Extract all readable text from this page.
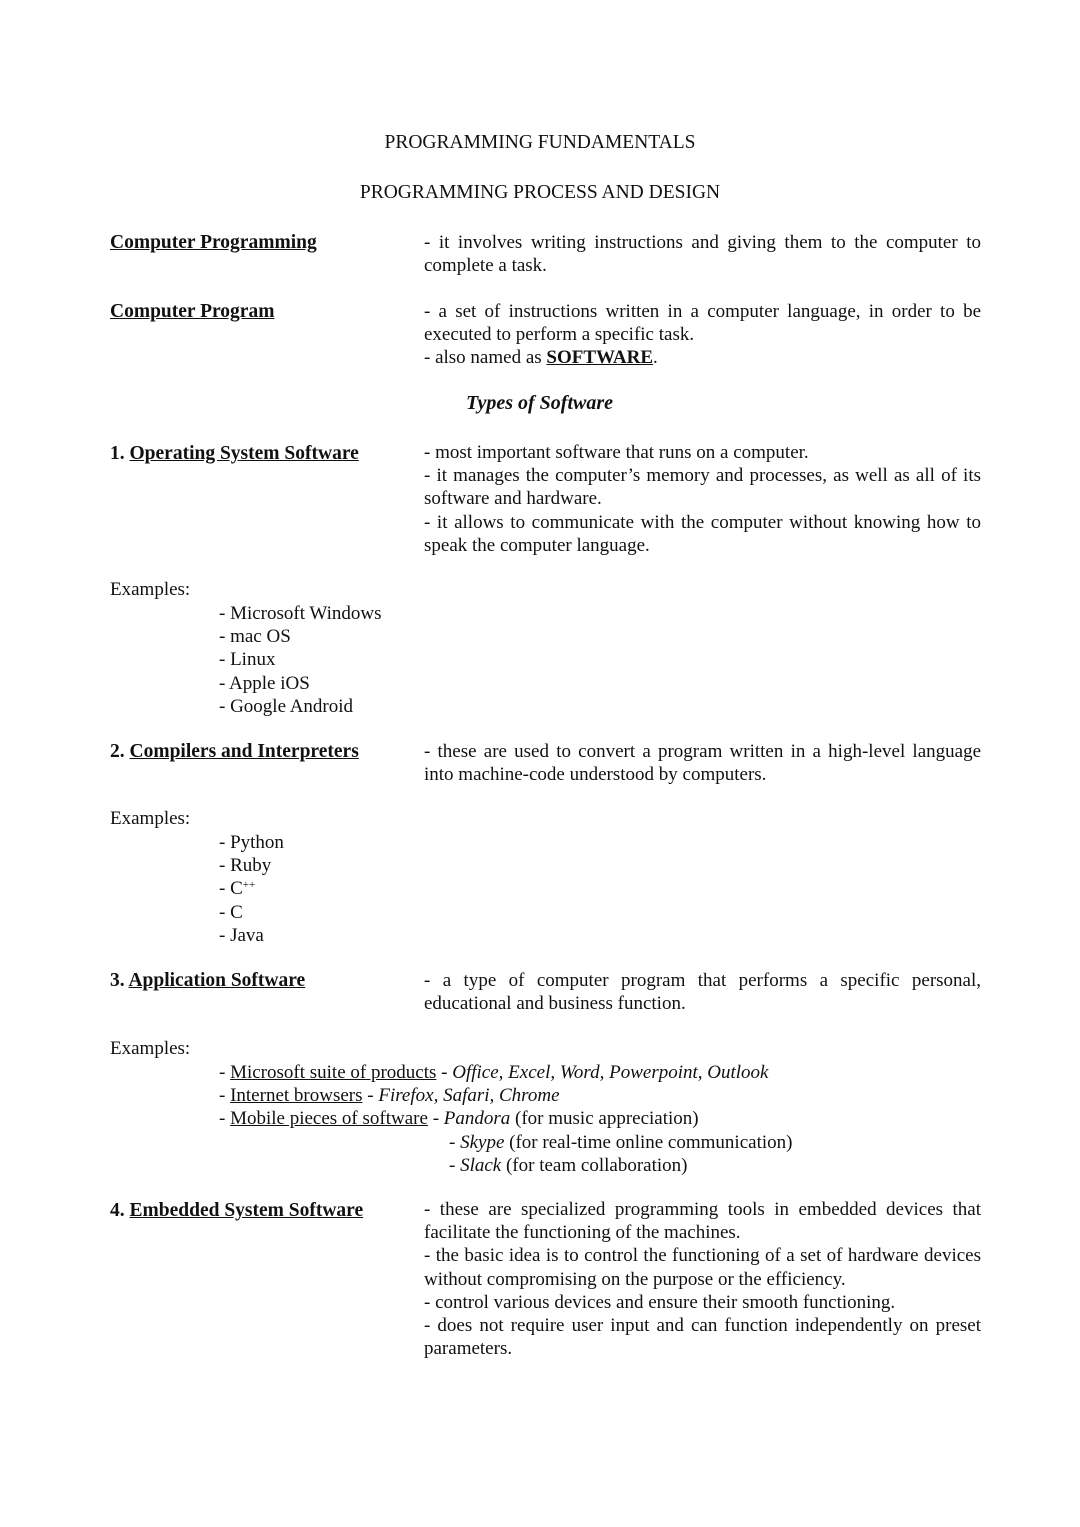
PROGRAMMING FUNDAMENTALS
PROGRAMMING PROCESS AND DESIGN
Computer Programming	- it involves writing instructions and giving them to the computer to complete a task.

Computer Program	- a set of instructions written in a computer language, in order to be executed to perform a specific task.

- also named as SOFTWARE.

Types of Software
1. Operating System Software	- most important software that runs on a computer.

- it manages the computer’s memory and processes, as well as all of its software and hardware.

- it allows to communicate with the computer without knowing how to speak the computer language.

Examples:
- Microsoft Windows
- mac OS
- Linux
- Apple iOS
- Google Android
2. Compilers and Interpreters	- these are used to convert a program written in a high-level language into machine-code understood by computers.

Examples:
- Python
- Ruby
- C++
- C
- Java
3. Application Software	- a type of computer program that performs a specific personal, educational and business function.

Examples:
- Microsoft suite of products - Office, Excel, Word, Powerpoint, Outlook
- Internet browsers - Firefox, Safari, Chrome
- Mobile pieces of software - Pandora (for music appreciation)
- Skype (for real-time online communication)
- Slack (for team collaboration)
4. Embedded System Software	- these are specialized programming tools in embedded devices that facilitate the functioning of the machines.

- the basic idea is to control the functioning of a set of hardware devices without compromising on the purpose or the efficiency.

- control various devices and ensure their smooth functioning.

- does not require user input and can function independently on preset parameters.
